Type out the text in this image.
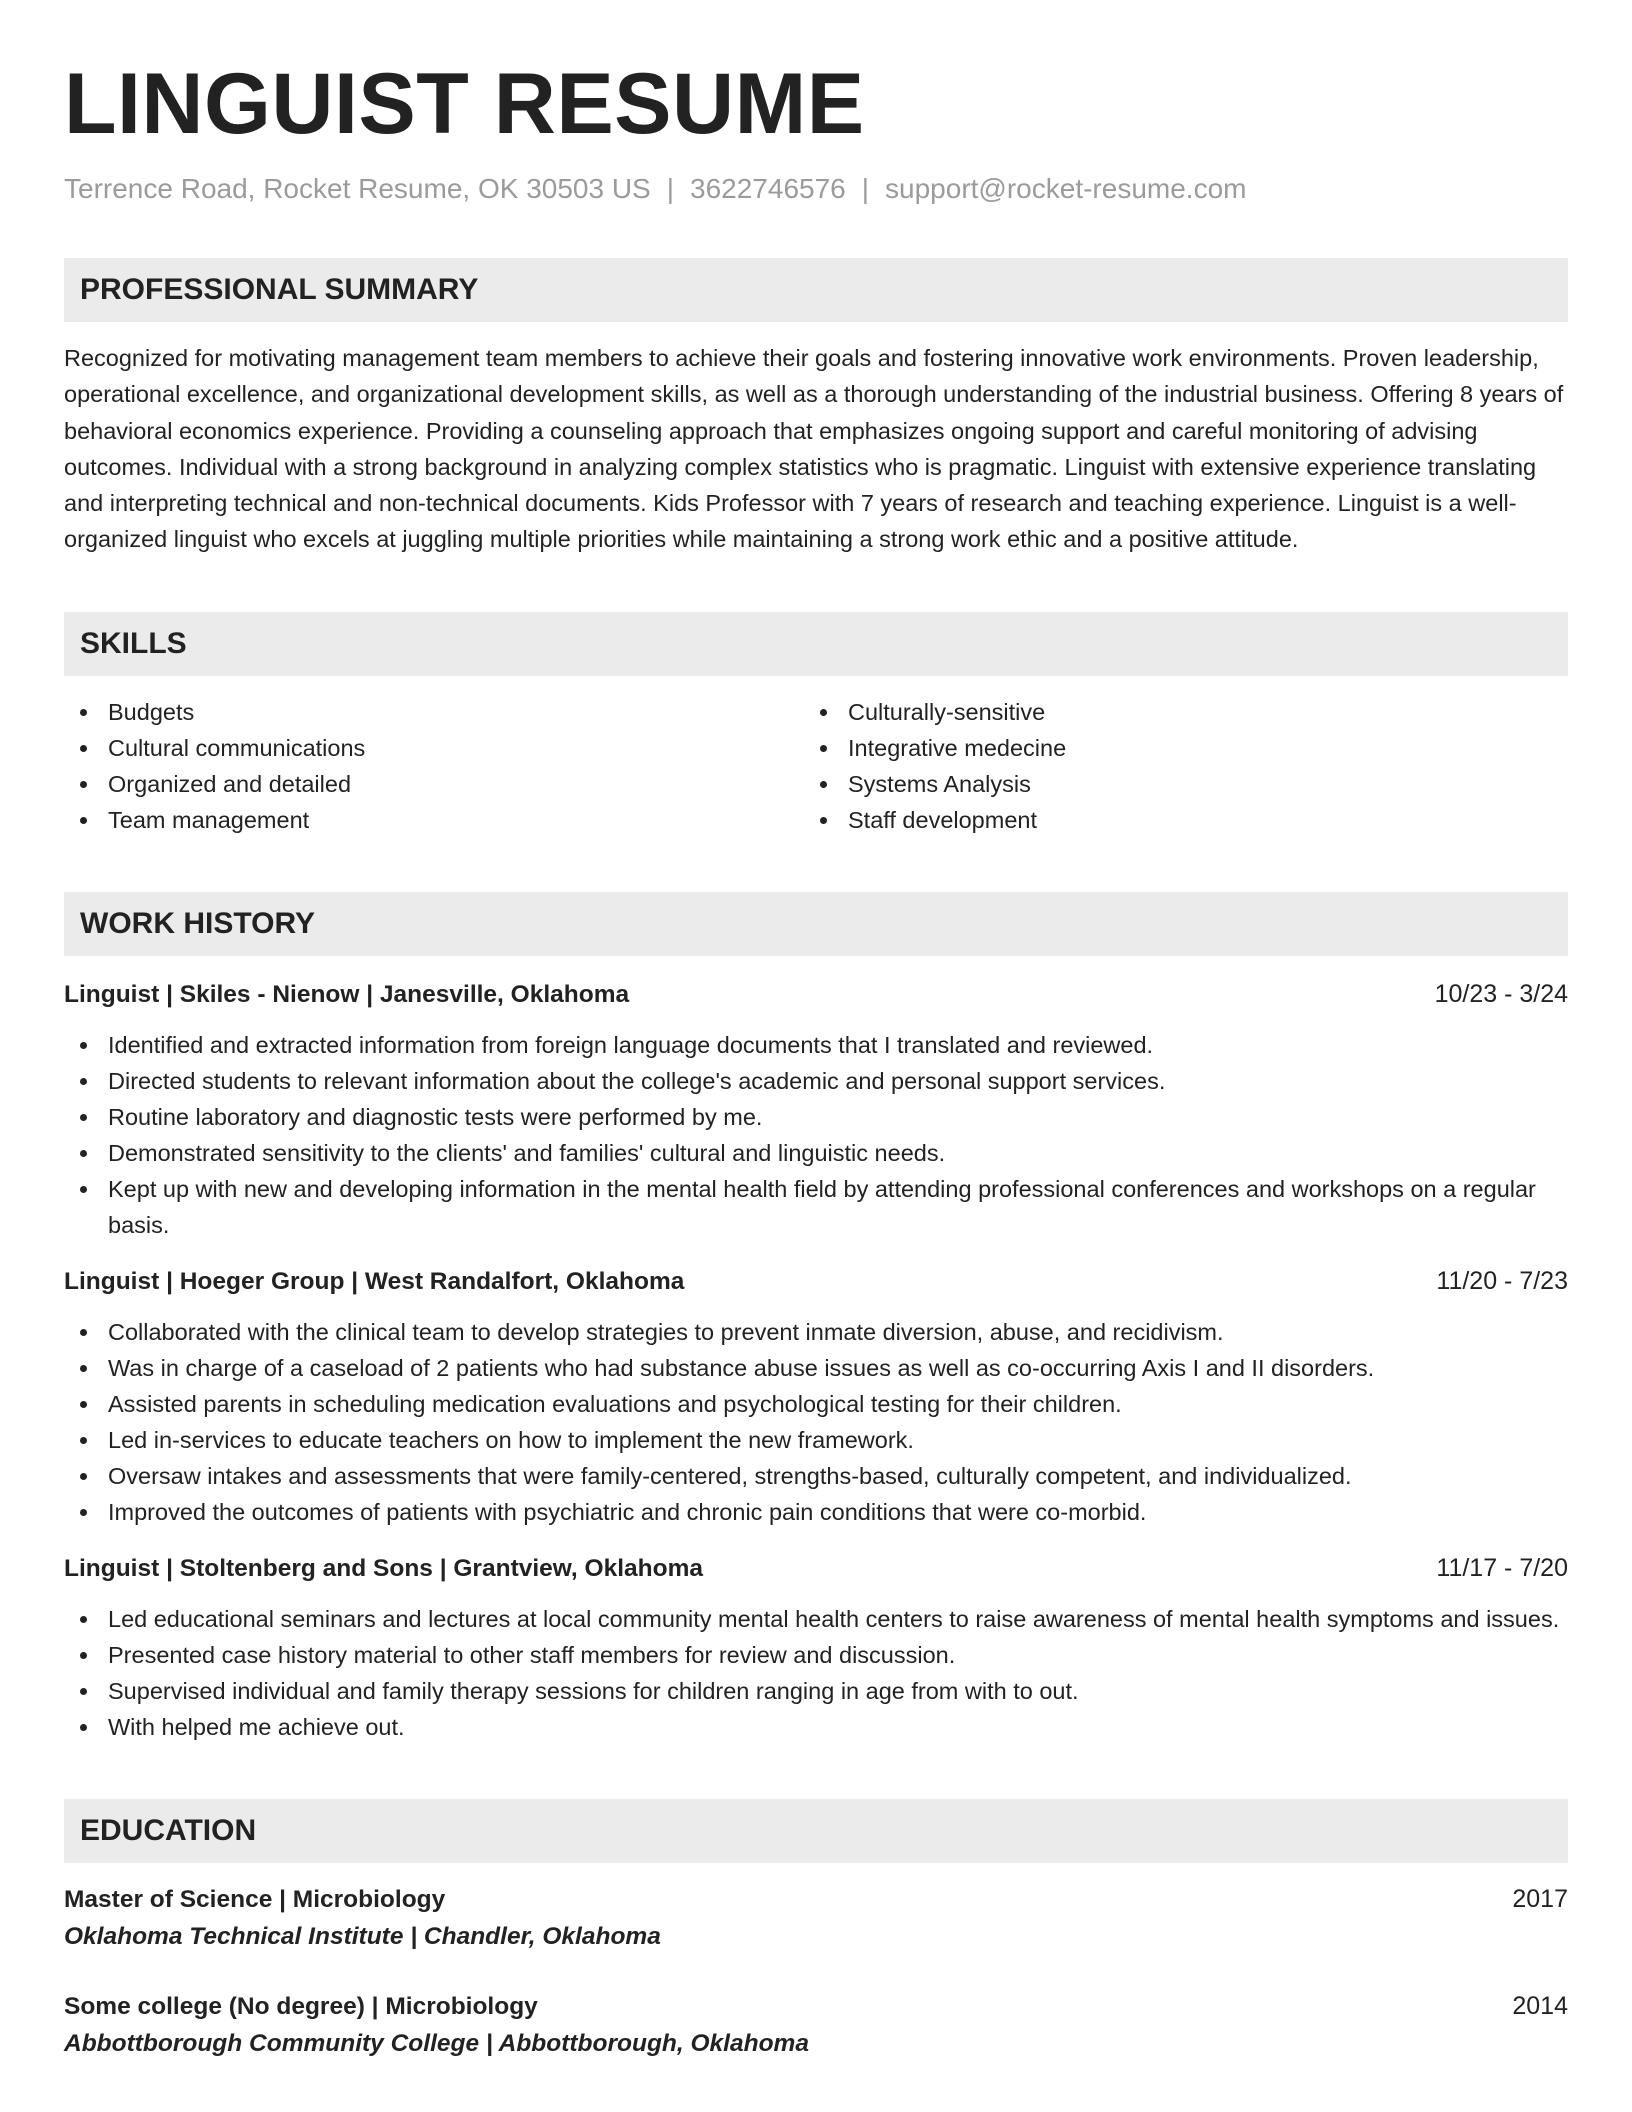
LINGUIST RESUME
Terrence Road, Rocket Resume, OK 30503 US | 3622746576 | support@rocket-resume.com
PROFESSIONAL SUMMARY
Recognized for motivating management team members to achieve their goals and fostering innovative work environments. Proven leadership, operational excellence, and organizational development skills, as well as a thorough understanding of the industrial business. Offering 8 years of behavioral economics experience. Providing a counseling approach that emphasizes ongoing support and careful monitoring of advising outcomes. Individual with a strong background in analyzing complex statistics who is pragmatic. Linguist with extensive experience translating and interpreting technical and non-technical documents. Kids Professor with 7 years of research and teaching experience. Linguist is a well-organized linguist who excels at juggling multiple priorities while maintaining a strong work ethic and a positive attitude.
SKILLS
Budgets
Cultural communications
Organized and detailed
Team management
Culturally-sensitive
Integrative medecine
Systems Analysis
Staff development
WORK HISTORY
Linguist | Skiles - Nienow | Janesville, Oklahoma	10/23 - 3/24
Identified and extracted information from foreign language documents that I translated and reviewed.
Directed students to relevant information about the college's academic and personal support services.
Routine laboratory and diagnostic tests were performed by me.
Demonstrated sensitivity to the clients' and families' cultural and linguistic needs.
Kept up with new and developing information in the mental health field by attending professional conferences and workshops on a regular basis.
Linguist | Hoeger Group | West Randalfort, Oklahoma	11/20 - 7/23
Collaborated with the clinical team to develop strategies to prevent inmate diversion, abuse, and recidivism.
Was in charge of a caseload of 2 patients who had substance abuse issues as well as co-occurring Axis I and II disorders.
Assisted parents in scheduling medication evaluations and psychological testing for their children.
Led in-services to educate teachers on how to implement the new framework.
Oversaw intakes and assessments that were family-centered, strengths-based, culturally competent, and individualized.
Improved the outcomes of patients with psychiatric and chronic pain conditions that were co-morbid.
Linguist | Stoltenberg and Sons | Grantview, Oklahoma	11/17 - 7/20
Led educational seminars and lectures at local community mental health centers to raise awareness of mental health symptoms and issues.
Presented case history material to other staff members for review and discussion.
Supervised individual and family therapy sessions for children ranging in age from with to out.
With helped me achieve out.
EDUCATION
Master of Science | Microbiology	2017
Oklahoma Technical Institute | Chandler, Oklahoma
Some college (No degree) | Microbiology	2014
Abbottborough Community College | Abbottborough, Oklahoma
